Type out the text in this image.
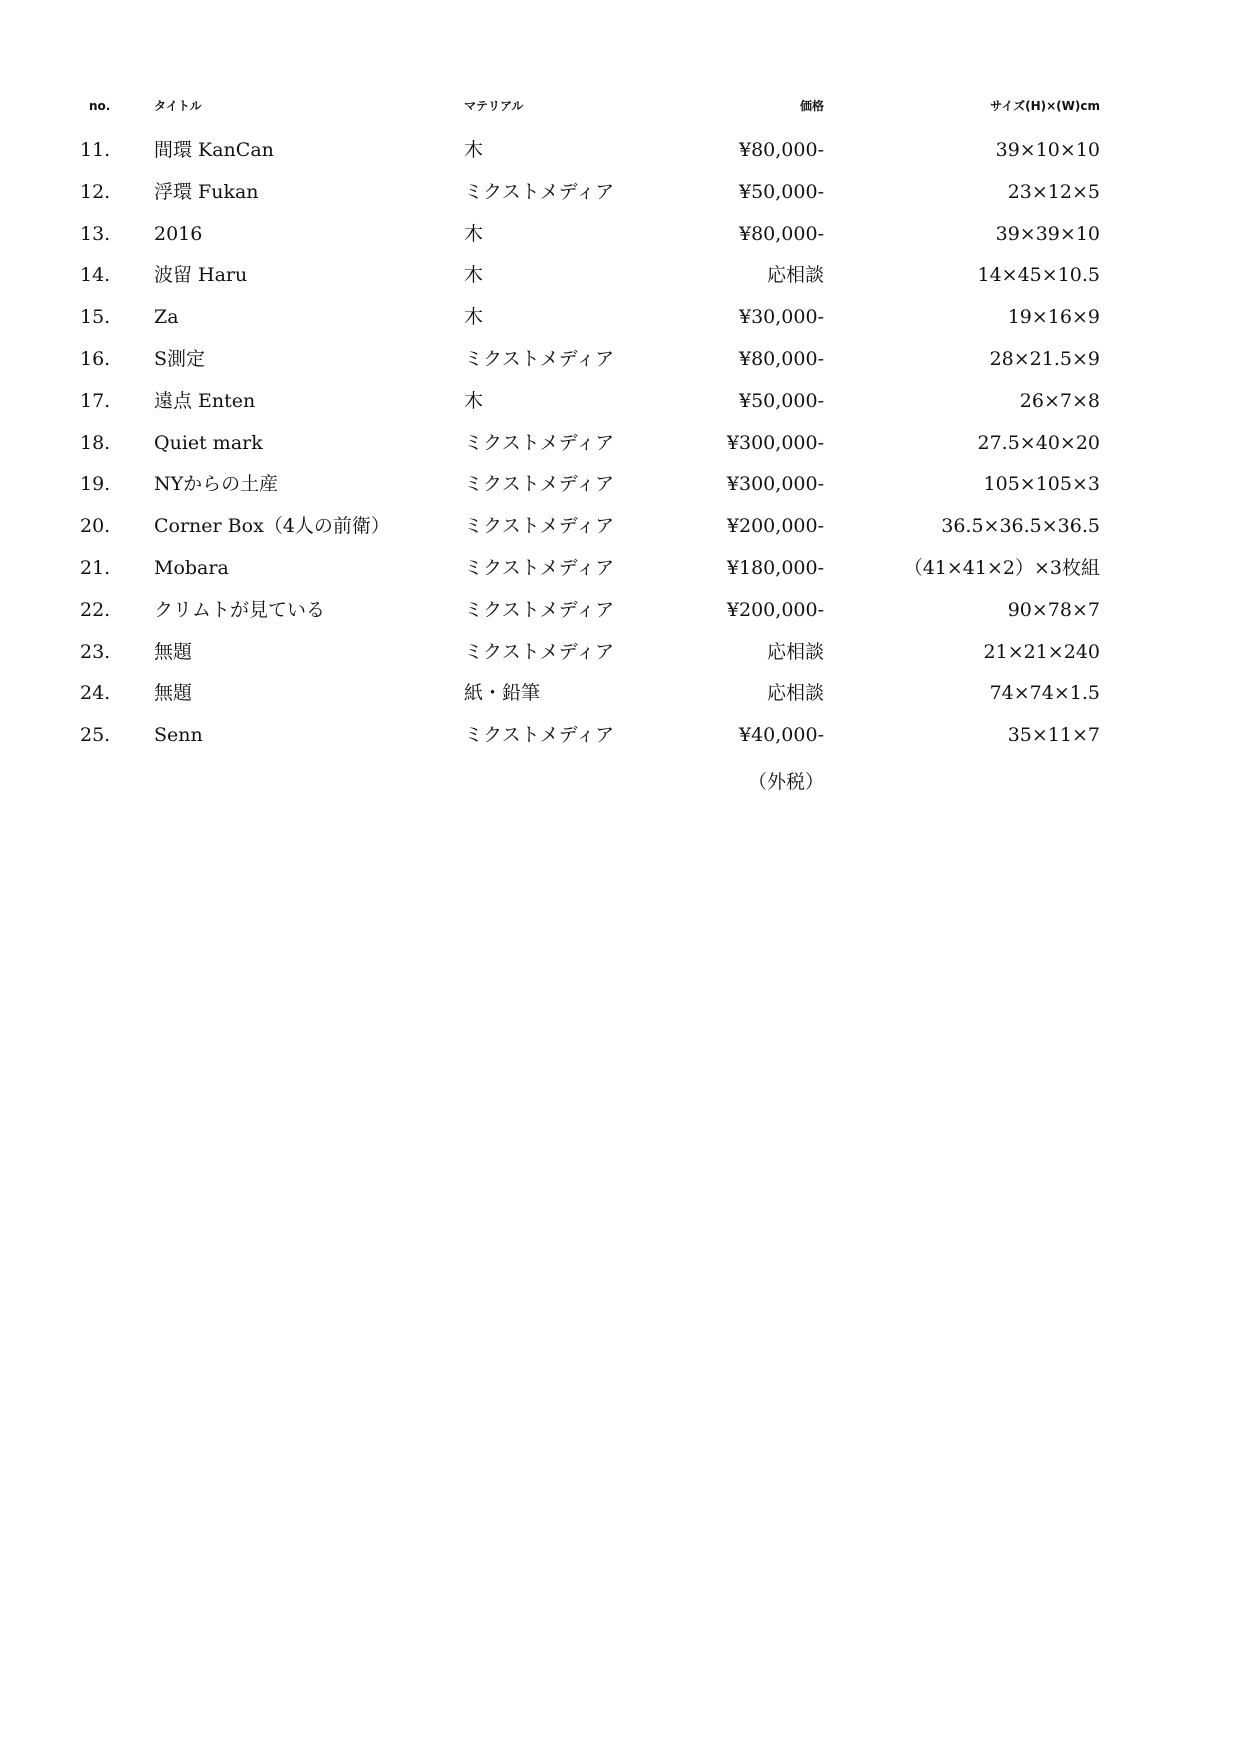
no.	タイトル	マテリアル	価格	サイズ(H)×(W)cm
11. 間環 KanCan	木	¥80,000-	39×10×10
12. 浮環 Fukan	ミクストメディア	¥50,000-	23×12×5
13. 2016	木	¥80,000-	39×39×10
14. 波留 Haru	木	応相談	14×45×10.5
15. Za	木	¥30,000-	19×16×9
16. S測定	ミクストメディア	¥80,000-	28×21.5×9
17. 遠点 Enten	木	¥50,000-	26×7×8
18. Quiet mark	ミクストメディア	¥300,000-	27.5×40×20
19. NYからの土産	ミクストメディア	¥300,000-	105×105×3
20. Corner Box（4人の前衛）	ミクストメディア	¥200,000-	36.5×36.5×36.5
21. Mobara	ミクストメディア	¥180,000-	（41×41×2）×3枚組
22. クリムトが見ている	ミクストメディア	¥200,000-	90×78×7
23. 無題	ミクストメディア	応相談	21×21×240
24. 無題	紙・鉛筆	応相談	74×74×1.5
25. Senn	ミクストメディア	¥40,000-	35×11×7
（外税）
